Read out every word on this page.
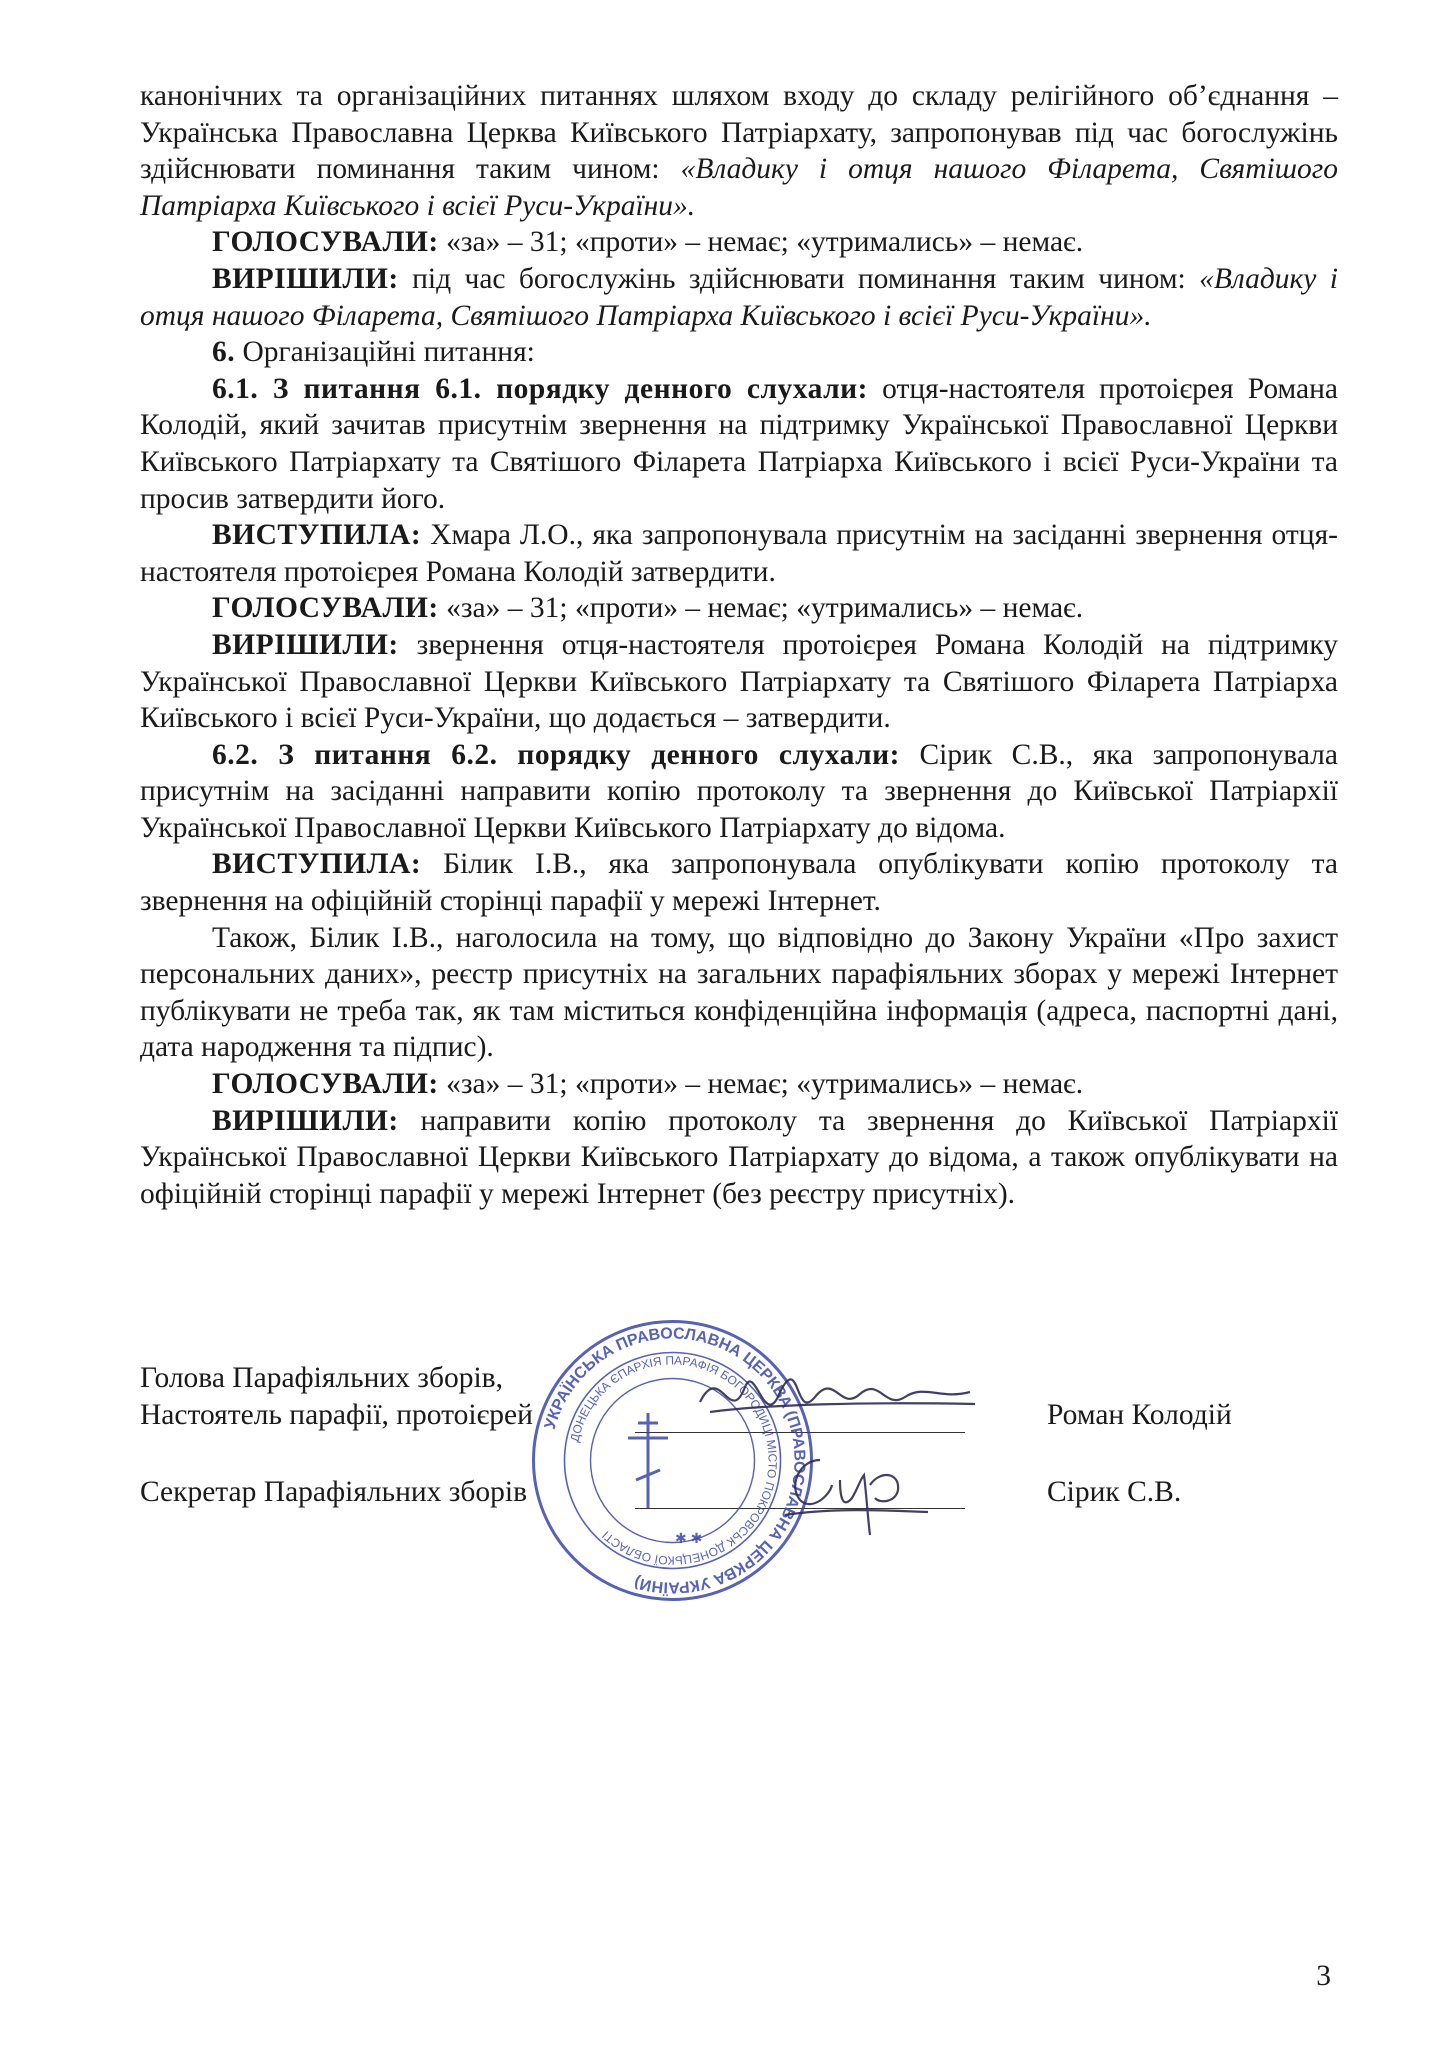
канонічних та організаційних питаннях шляхом входу до складу релігійного об’єднання – Українська Православна Церква Київського Патріархату, запропонував під час богослужінь здійснювати поминання таким чином: «Владику і отця нашого Філарета, Святішого Патріарха Київського і всієї Руси-України».

ГОЛОСУВАЛИ: «за» – 31; «проти» – немає; «утримались» – немає.

ВИРІШИЛИ: під час богослужінь здійснювати поминання таким чином: «Владику і отця нашого Філарета, Святішого Патріарха Київського і всієї Руси-України».

6. Організаційні питання:

6.1. З питання 6.1. порядку денного слухали: отця-настоятеля протоієрея Романа Колодій, який зачитав присутнім звернення на підтримку Української Православної Церкви Київського Патріархату та Святішого Філарета Патріарха Київського і всієї Руси-України та просив затвердити його.

ВИСТУПИЛА: Хмара Л.О., яка запропонувала присутнім на засіданні звернення отця-настоятеля протоієрея Романа Колодій затвердити.

ГОЛОСУВАЛИ: «за» – 31; «проти» – немає; «утримались» – немає.

ВИРІШИЛИ: звернення отця-настоятеля протоієрея Романа Колодій на підтримку Української Православної Церкви Київського Патріархату та Святішого Філарета Патріарха Київського і всієї Руси-України, що додається – затвердити.

6.2. З питання 6.2. порядку денного слухали: Сірик С.В., яка запропонувала присутнім на засіданні направити копію протоколу та звернення до Київської Патріархії Української Православної Церкви Київського Патріархату до відома.

ВИСТУПИЛА: Білик І.В., яка запропонувала опублікувати копію протоколу та звернення на офіційній сторінці парафії у мережі Інтернет.

Також, Білик І.В., наголосила на тому, що відповідно до Закону України «Про захист персональних даних», реєстр присутніх на загальних парафіяльних зборах у мережі Інтернет публікувати не треба так, як там міститься конфіденційна інформація (адреса, паспортні дані, дата народження та підпис).

ГОЛОСУВАЛИ: «за» – 31; «проти» – немає; «утримались» – немає.

ВИРІШИЛИ: направити копію протоколу та звернення до Київської Патріархії Української Православної Церкви Київського Патріархату до відома, а також опублікувати на офіційній сторінці парафії у мережі Інтернет (без реєстру присутніх).

Голова Парафіяльних зборів,
Настоятель парафії, протоієрей	Роман Колодій
Секретар Парафіяльних зборів	Сірик С.В.
УКРАЇНСЬКА ПРАВОСЛАВНА ЦЕРКВА (ПРАВОСЛАВНА ЦЕРКВА УКРАЇНИ)
ДОНЕЦЬКА ЄПАРХІЯ ПАРАФІЯ БОГОРОДИЦІ МІСТО ПОКРОВСЬК ДОНЕЦЬКОЇ ОБЛАСТІ	✱ ✱
3
